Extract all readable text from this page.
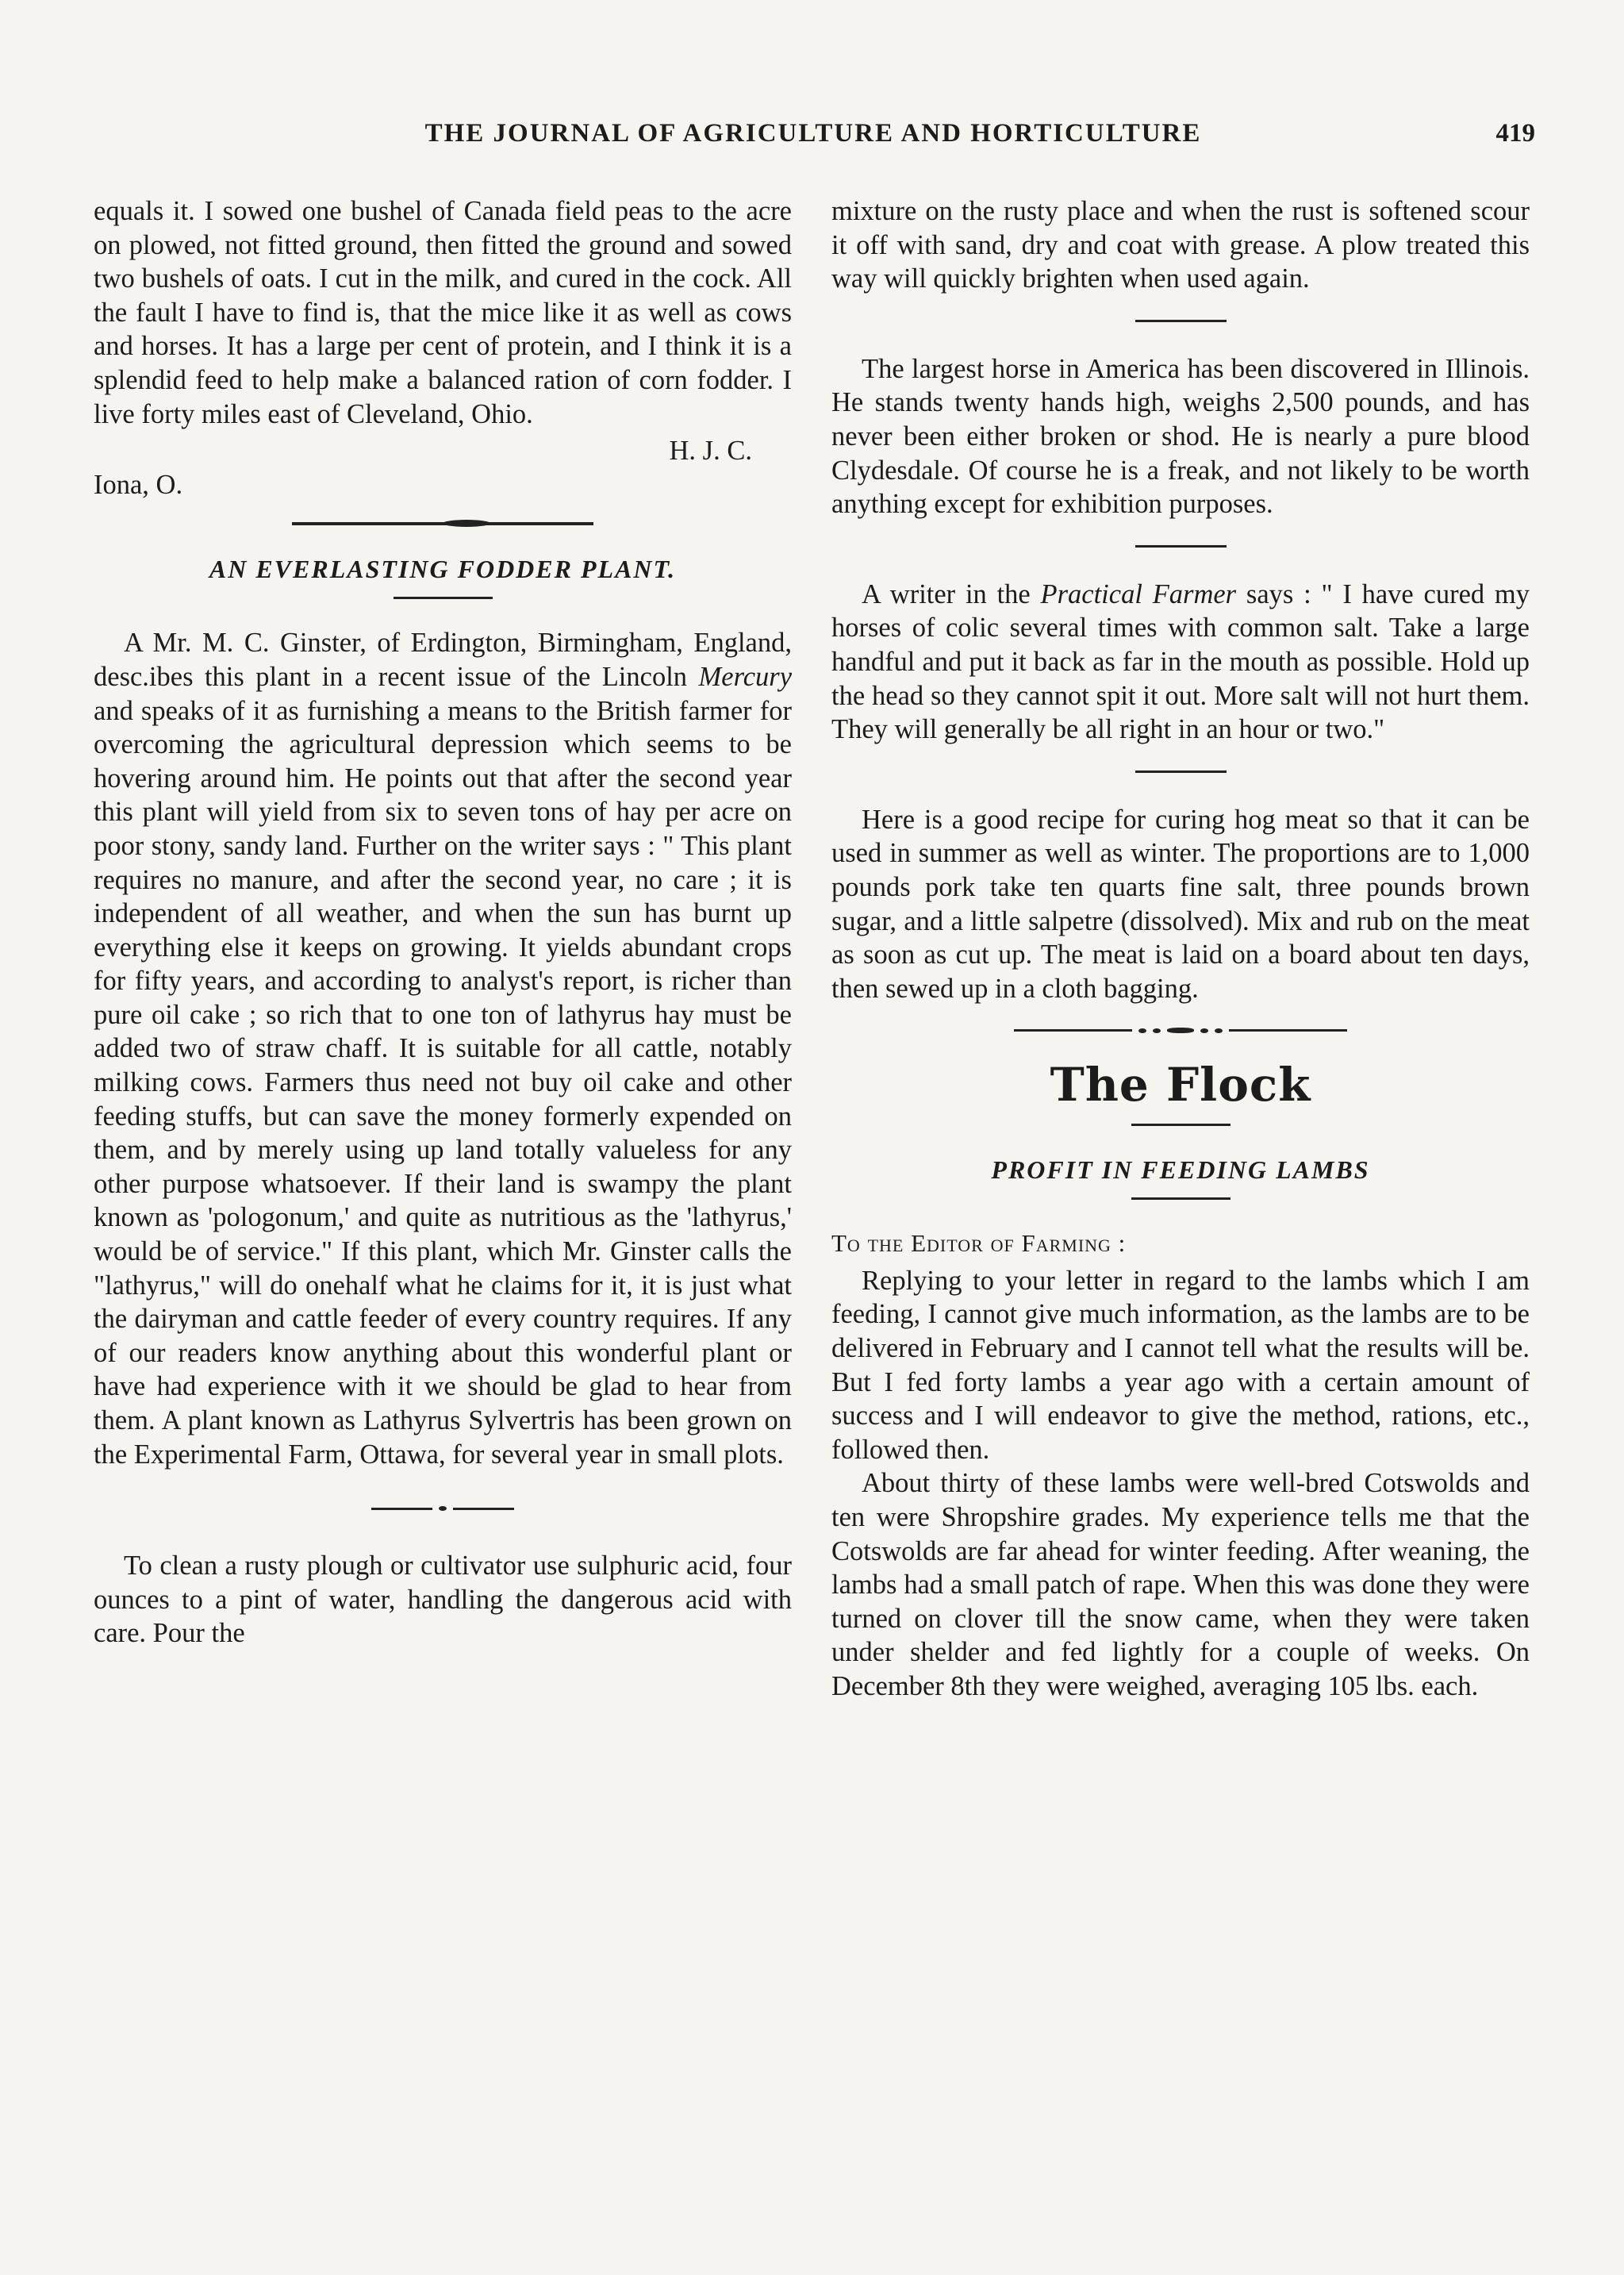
THE JOURNAL OF AGRICULTURE AND HORTICULTURE	419

equals it. I sowed one bushel of Canada field peas to the acre on plowed, not fitted ground, then fitted the ground and sowed two bushels of oats. I cut in the milk, and cured in the cock. All the fault I have to find is, that the mice like it as well as cows and horses. It has a large per cent of protein, and I think it is a splendid feed to help make a balanced ration of corn fodder. I live forty miles east of Cleveland, Ohio.

H. J. C.

Iona, O.

AN EVERLASTING FODDER PLANT.

A Mr. M. C. Ginster, of Erdington, Birmingham, England, desc.ibes this plant in a recent issue of the Lincoln Mercury and speaks of it as furnishing a means to the British farmer for overcoming the agricultural depression which seems to be hovering around him. He points out that after the second year this plant will yield from six to seven tons of hay per acre on poor stony, sandy land. Further on the writer says : " This plant requires no manure, and after the second year, no care ; it is independent of all weather, and when the sun has burnt up everything else it keeps on growing. It yields abundant crops for fifty years, and according to analyst's report, is richer than pure oil cake ; so rich that to one ton of lathyrus hay must be added two of straw chaff. It is suitable for all cattle, notably milking cows. Farmers thus need not buy oil cake and other feeding stuffs, but can save the money formerly expended on them, and by merely using up land totally valueless for any other purpose whatsoever. If their land is swampy the plant known as 'pologonum,' and quite as nutritious as the 'lathyrus,' would be of service." If this plant, which Mr. Ginster calls the "lathyrus," will do onehalf what he claims for it, it is just what the dairyman and cattle feeder of every country requires. If any of our readers know anything about this wonderful plant or have had experience with it we should be glad to hear from them. A plant known as Lathyrus Sylvertris has been grown on the Experimental Farm, Ottawa, for several year in small plots.

To clean a rusty plough or cultivator use sulphuric acid, four ounces to a pint of water, handling the dangerous acid with care. Pour the

mixture on the rusty place and when the rust is softened scour it off with sand, dry and coat with grease. A plow treated this way will quickly brighten when used again.

The largest horse in America has been discovered in Illinois. He stands twenty hands high, weighs 2,500 pounds, and has never been either broken or shod. He is nearly a pure blood Clydesdale. Of course he is a freak, and not likely to be worth anything except for exhibition purposes.

A writer in the Practical Farmer says : " I have cured my horses of colic several times with common salt. Take a large handful and put it back as far in the mouth as possible. Hold up the head so they cannot spit it out. More salt will not hurt them. They will generally be all right in an hour or two."

Here is a good recipe for curing hog meat so that it can be used in summer as well as winter. The proportions are to 1,000 pounds pork take ten quarts fine salt, three pounds brown sugar, and a little salpetre (dissolved). Mix and rub on the meat as soon as cut up. The meat is laid on a board about ten days, then sewed up in a cloth bagging.

The Flock
PROFIT IN FEEDING LAMBS

To the Editor of Farming :

Replying to your letter in regard to the lambs which I am feeding, I cannot give much information, as the lambs are to be delivered in February and I cannot tell what the results will be. But I fed forty lambs a year ago with a certain amount of success and I will endeavor to give the method, rations, etc., followed then.

About thirty of these lambs were well-bred Cotswolds and ten were Shropshire grades. My experience tells me that the Cotswolds are far ahead for winter feeding. After weaning, the lambs had a small patch of rape. When this was done they were turned on clover till the snow came, when they were taken under shelder and fed lightly for a couple of weeks. On December 8th they were weighed, averaging 105 lbs. each.
